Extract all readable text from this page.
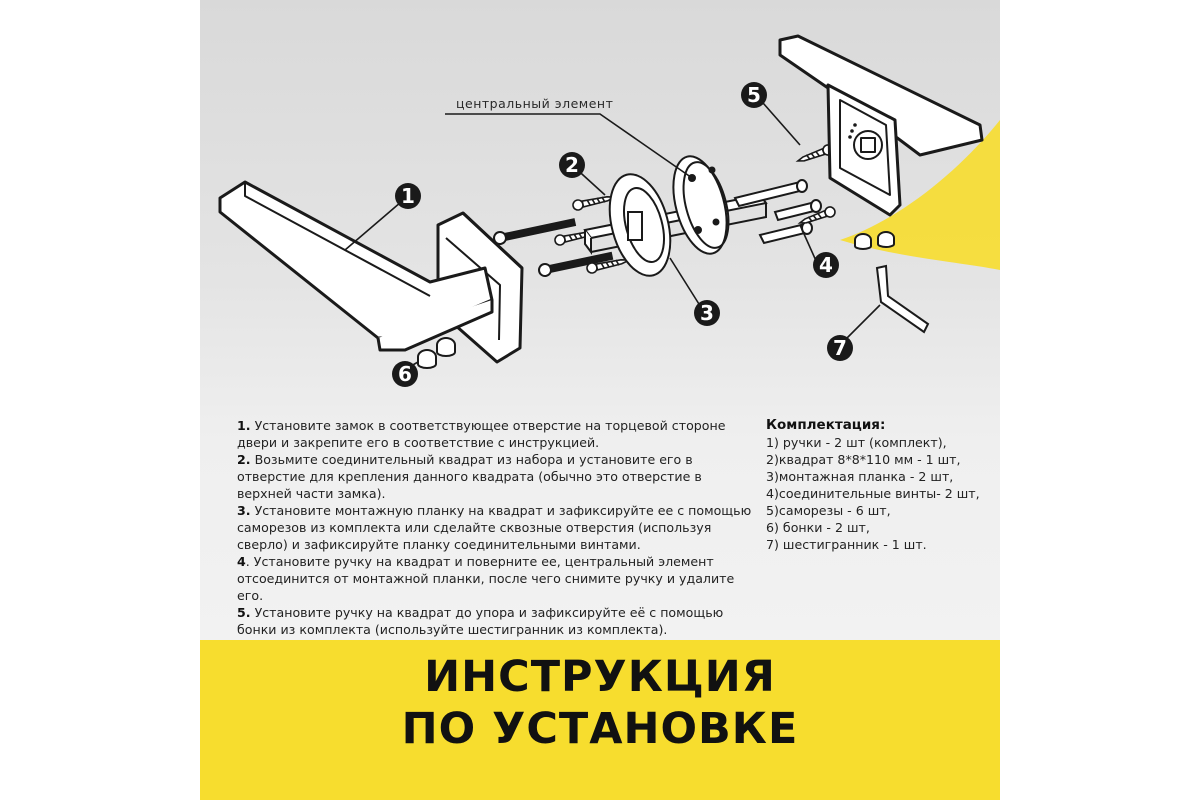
центральный элемент
1
2
3
4
5
6
7

1. Установите замок в соответствующее отверстие на торцевой стороне двери и закрепите его в соответствие с инструкцией.

2. Возьмите соединительный квадрат из набора и установите его в отверстие для крепления данного квадрата (обычно это отверстие в верхней части замка).

3. Установите монтажную планку на квадрат и зафиксируйте ее с помощью саморезов из комплекта или сделайте сквозные отверстия (используя сверло) и зафиксируйте планку соединительными винтами.

4. Установите ручку на квадрат и поверните ее, центральный элемент отсоединится от монтажной планки, после чего снимите ручку и удалите его.

5. Установите ручку на квадрат до упора и зафиксируйте её с помощью бонки из комплекта (используйте шестигранник из комплекта).

Комплектация:
1) ручки - 2 шт (комплект),
2)квадрат 8*8*110 мм - 1 шт,
3)монтажная планка - 2 шт,
4)соединительные винты- 2 шт,
5)саморезы - 6 шт,
6) бонки - 2 шт,
7) шестигранник - 1 шт.
ИНСТРУКЦИЯ
ПО УСТАНОВКЕ
